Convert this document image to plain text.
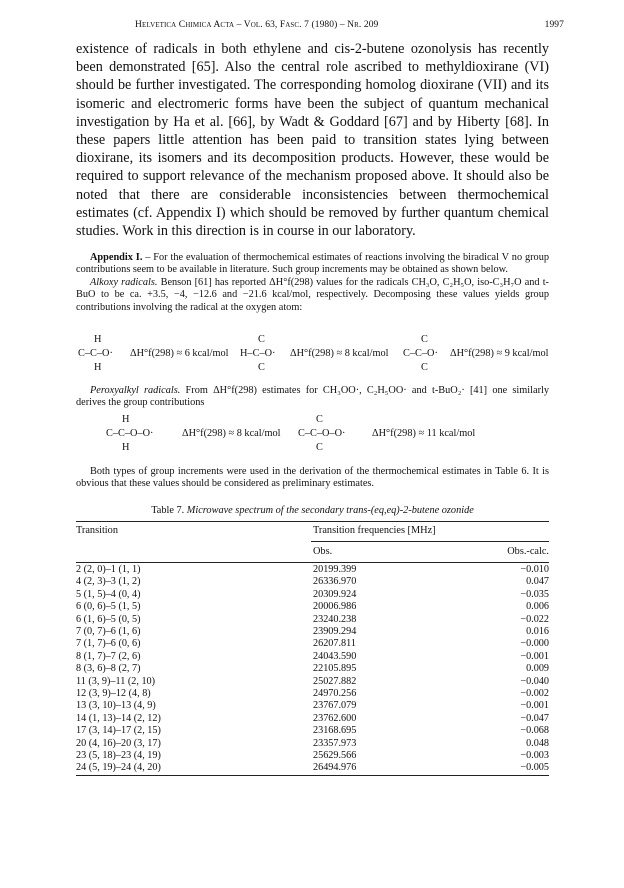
Helvetica Chimica Acta – Vol. 63, Fasc. 7 (1980) – Nr. 209	1997

existence of radicals in both ethylene and cis-2-butene ozonolysis has recently been demonstrated [65]. Also the central role ascribed to methyldioxirane (VI) should be further investigated. The corresponding homolog dioxirane (VII) and its isomeric and electromeric forms have been the subject of quantum mechanical investigation by Ha et al. [66], by Wadt & Goddard [67] and by Hiberty [68]. In these papers little attention has been paid to transition states lying between dioxirane, its isomers and its decomposition products. However, these would be required to support relevance of the mechanism proposed above. It should also be noted that there are considerable inconsistencies between thermochemical estimates (cf. Appendix I) which should be removed by further quantum chemical studies. Work in this direction is in course in our laboratory.

Appendix I. – For the evaluation of thermochemical estimates of reactions involving the biradical V no group contributions seem to be available in literature. Such group increments may be obtained as shown below.

Alkoxy radicals. Benson [61] has reported ΔH°f(298) values for the radicals CH₃O, C₂H₅O, iso-C₃H₇O and t-BuO to be ca. +3.5, −4, −12.6 and −21.6 kcal/mol, respectively. Decomposing these values yields group contributions involving the radical at the oxygen atom:

H
C–C–O·
H
ΔH°f(298) ≈ 6 kcal/mol
C
H–C–O·
C
ΔH°f(298) ≈ 8 kcal/mol
C
C–C–O·
C
ΔH°f(298) ≈ 9 kcal/mol

Peroxyalkyl radicals. From ΔH°f(298) estimates for CH₃OO·, C₂H₅OO· and t-BuO₂· [41] one similarly derives the group contributions

H
C–C–O–O·	ΔH°f(298) ≈ 8 kcal/mol
H
C
C–C–O–O·	ΔH°f(298) ≈ 11 kcal/mol
C

Both types of group increments were used in the derivation of the thermochemical estimates in Table 6. It is obvious that these values should be considered as preliminary estimates.

Table 7. Microwave spectrum of the secondary trans-(eq,eq)-2-butene ozonide
Transition	Transition frequencies [MHz]
Obs.	Obs.-calc.
2 (2, 0)–1 (1, 1)	20199.399	−0.010
4 (2, 3)–3 (1, 2)	26336.970	0.047
5 (1, 5)–4 (0, 4)	20309.924	−0.035
6 (0, 6)–5 (1, 5)	20006.986	0.006
6 (1, 6)–5 (0, 5)	23240.238	−0.022
7 (0, 7)–6 (1, 6)	23909.294	0.016
7 (1, 7)–6 (0, 6)	26207.811	−0.000
8 (1, 7)–7 (2, 6)	24043.590	−0.001
8 (3, 6)–8 (2, 7)	22105.895	0.009
11 (3, 9)–11 (2, 10)	25027.882	−0.040
12 (3, 9)–12 (4, 8)	24970.256	−0.002
13 (3, 10)–13 (4, 9)	23767.079	−0.001
14 (1, 13)–14 (2, 12)	23762.600	−0.047
17 (3, 14)–17 (2, 15)	23168.695	−0.068
20 (4, 16)–20 (3, 17)	23357.973	0.048
23 (5, 18)–23 (4, 19)	25629.566	−0.003
24 (5, 19)–24 (4, 20)	26494.976	−0.005
